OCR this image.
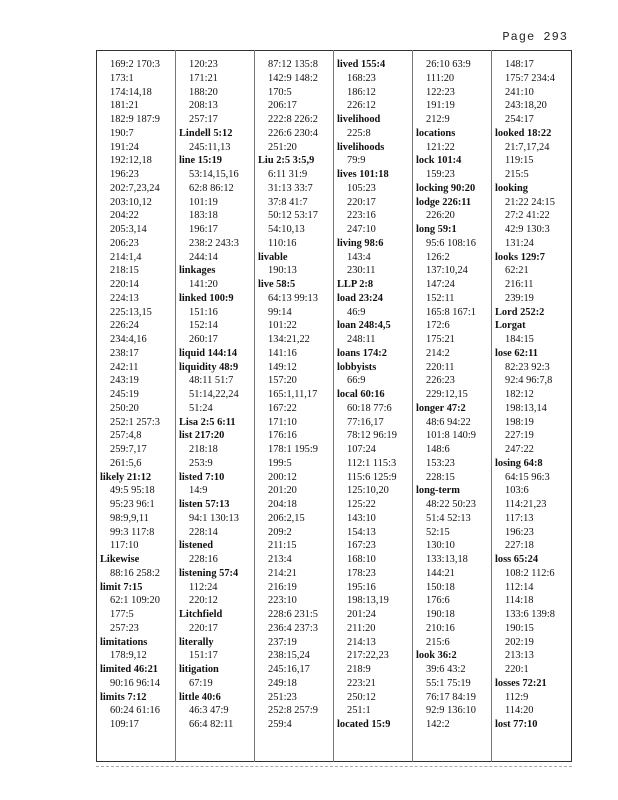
Page 293
169:2 170:3
173:1
174:14,18
181:21
182:9 187:9
190:7
191:24
192:12,18
196:23
202:7,23,24
203:10,12
204:22
205:3,14
206:23
214:1,4
218:15
220:14
224:13
225:13,15
226:24
234:4,16
238:17
242:11
243:19
245:19
250:20
252:1 257:3
257:4,8
259:7,17
261:5,6
likely 21:12
49:5 95:18
95:23 96:1
98:9,9,11
99:3 117:8
117:10
Likewise
88:16 258:2
limit 7:15
62:1 109:20
177:5
257:23
limitations
178:9,12
limited 46:21
90:16 96:14
limits 7:12
60:24 61:16
109:17
120:23
171:21
188:20
208:13
257:17
Lindell 5:12
245:11,13
line 15:19
53:14,15,16
62:8 86:12
101:19
183:18
196:17
238:2 243:3
244:14
linkages
141:20
linked 100:9
151:16
152:14
260:17
liquid 144:14
liquidity 48:9
48:11 51:7
51:14,22,24
51:24
Lisa 2:5 6:11
list 217:20
218:18
253:9
listed 7:10
14:9
listen 57:13
94:1 130:13
228:14
listened
228:16
listening 57:4
112:24
220:12
Litchfield
220:17
literally
151:17
litigation
67:19
little 40:6
46:3 47:9
66:4 82:11
87:12 135:8
142:9 148:2
170:5
206:17
222:8 226:2
226:6 230:4
251:20
Liu 2:5 3:5,9
6:11 31:9
31:13 33:7
37:8 41:7
50:12 53:17
54:10,13
110:16
livable
190:13
live 58:5
64:13 99:13
99:14
101:22
134:21,22
141:16
149:12
157:20
165:1,11,17
167:22
171:10
176:16
178:1 195:9
199:5
200:12
201:20
204:18
206:2,15
209:2
211:15
213:4
214:21
216:19
223:10
228:6 231:5
236:4 237:3
237:19
238:15,24
245:16,17
249:18
251:23
252:8 257:9
259:4
lived 155:4
168:23
186:12
226:12
livelihood
225:8
livelihoods
79:9
lives 101:18
105:23
220:17
223:16
247:10
living 98:6
143:4
230:11
LLP 2:8
load 23:24
46:9
loan 248:4,5
248:11
loans 174:2
lobbyists
66:9
local 60:16
60:18 77:6
77:16,17
78:12 96:19
107:24
112:1 115:3
115:6 125:9
125:10,20
125:22
143:10
154:13
167:23
168:10
178:23
195:16
198:13,19
201:24
211:20
214:13
217:22,23
218:9
223:21
250:12
251:1
located 15:9
26:10 63:9
111:20
122:23
191:19
212:9
locations
121:22
lock 101:4
159:23
locking 90:20
lodge 226:11
226:20
long 59:1
95:6 108:16
126:2
137:10,24
147:24
152:11
165:8 167:1
172:6
175:21
214:2
220:11
226:23
229:12,15
longer 47:2
48:6 94:22
101:8 140:9
148:6
153:23
228:15
long-term
48:22 50:23
51:4 52:13
52:15
130:10
133:13,18
144:21
150:18
176:6
190:18
210:16
215:6
look 36:2
39:6 43:2
55:1 75:19
76:17 84:19
92:9 136:10
142:2
148:17
175:7 234:4
241:10
243:18,20
254:17
looked 18:22
21:7,17,24
119:15
215:5
looking
21:22 24:15
27:2 41:22
42:9 130:3
131:24
looks 129:7
62:21
216:11
239:19
Lord 252:2
Lorgat
184:15
lose 62:11
82:23 92:3
92:4 96:7,8
182:12
198:13,14
198:19
227:19
247:22
losing 64:8
64:15 96:3
103:6
114:21,23
117:13
196:23
227:18
loss 65:24
108:2 112:6
112:14
114:18
133:6 139:8
190:15
202:19
213:13
220:1
losses 72:21
112:9
114:20
lost 77:10
